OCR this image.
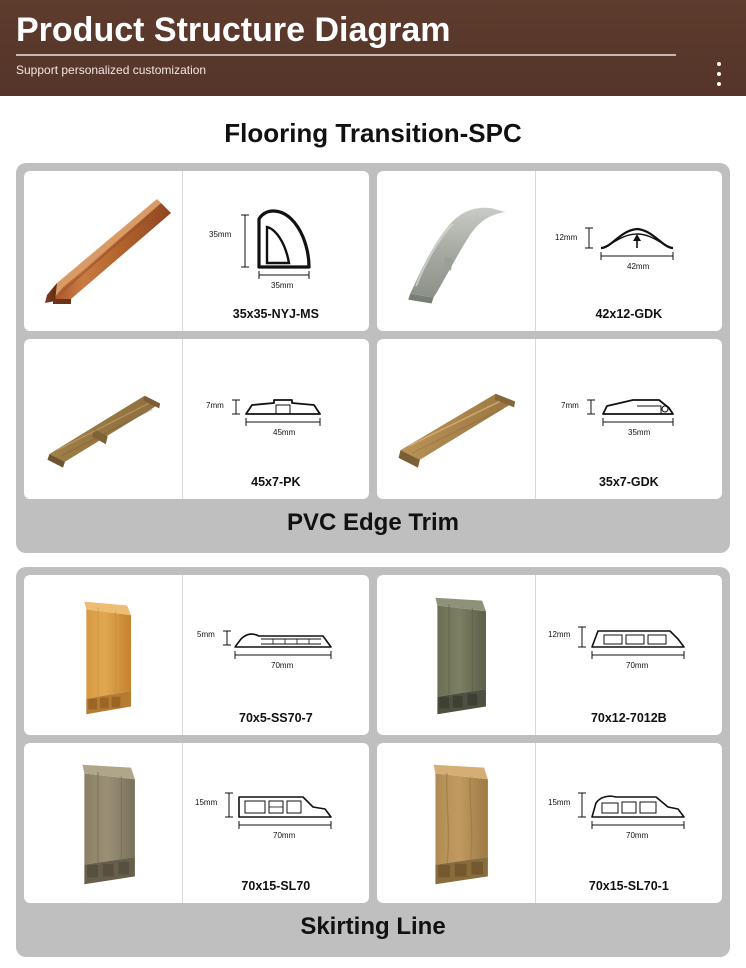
Product Structure Diagram
Support personalized customization
Flooring Transition-SPC
35mm
35mm
35x35-NYJ-MS
12mm
42mm
42x12-GDK
7mm
45mm
45x7-PK
7mm
35mm
35x7-GDK
PVC Edge Trim
5mm
70mm
70x5-SS70-7
12mm
70mm
70x12-7012B
15mm
70mm
70x15-SL70
15mm
70mm
70x15-SL70-1
Skirting Line
